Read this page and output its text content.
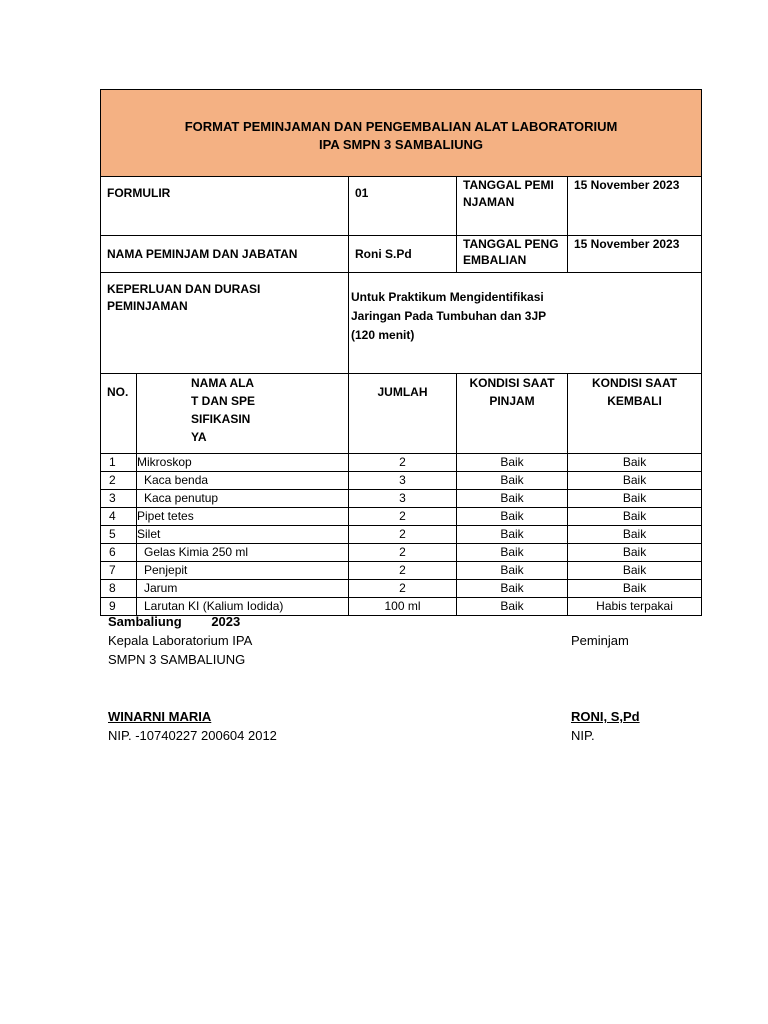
FORMAT PEMINJAMAN DAN PENGEMBALIAN ALAT LABORATORIUM
IPA SMPN 3 SAMBALIUNG				

FORMULIR		01	TANGGAL PEMINJAMAN	15 November 2023
NAMA PEMINJAM DAN JABATAN		Roni S.Pd	TANGGAL PENGEMBALIAN	15 November 2023
KEPERLUAN DAN DURASI PEMINJAMAN		Untuk Praktikum Mengidentifikasi Jaringan Pada Tumbuhan dan 3JP (120 menit)		
NO.	NAMA ALAT DAN SPESIFIKASINYA	JUMLAH	KONDISI SAAT PINJAM	KONDISI SAAT KEMBALI
1	Mikroskop	2	Baik	Baik
2	Kaca benda	3	Baik	Baik
3	Kaca penutup	3	Baik	Baik
4	Pipet tetes	2	Baik	Baik
5	Silet	2	Baik	Baik
6	Gelas Kimia 250 ml	2	Baik	Baik
7	Penjepit	2	Baik	Baik
8	Jarum	2	Baik	Baik
9	Larutan KI (Kalium Iodida)	100 ml	Baik	Habis terpakai
Sambaliung 2023
Kepala Laboratorium IPA
SMPN 3 SAMBALIUNG
WINARNI MARIA
NIP. -10740227 200604 2012
Peminjam
RONI, S,Pd
NIP.
